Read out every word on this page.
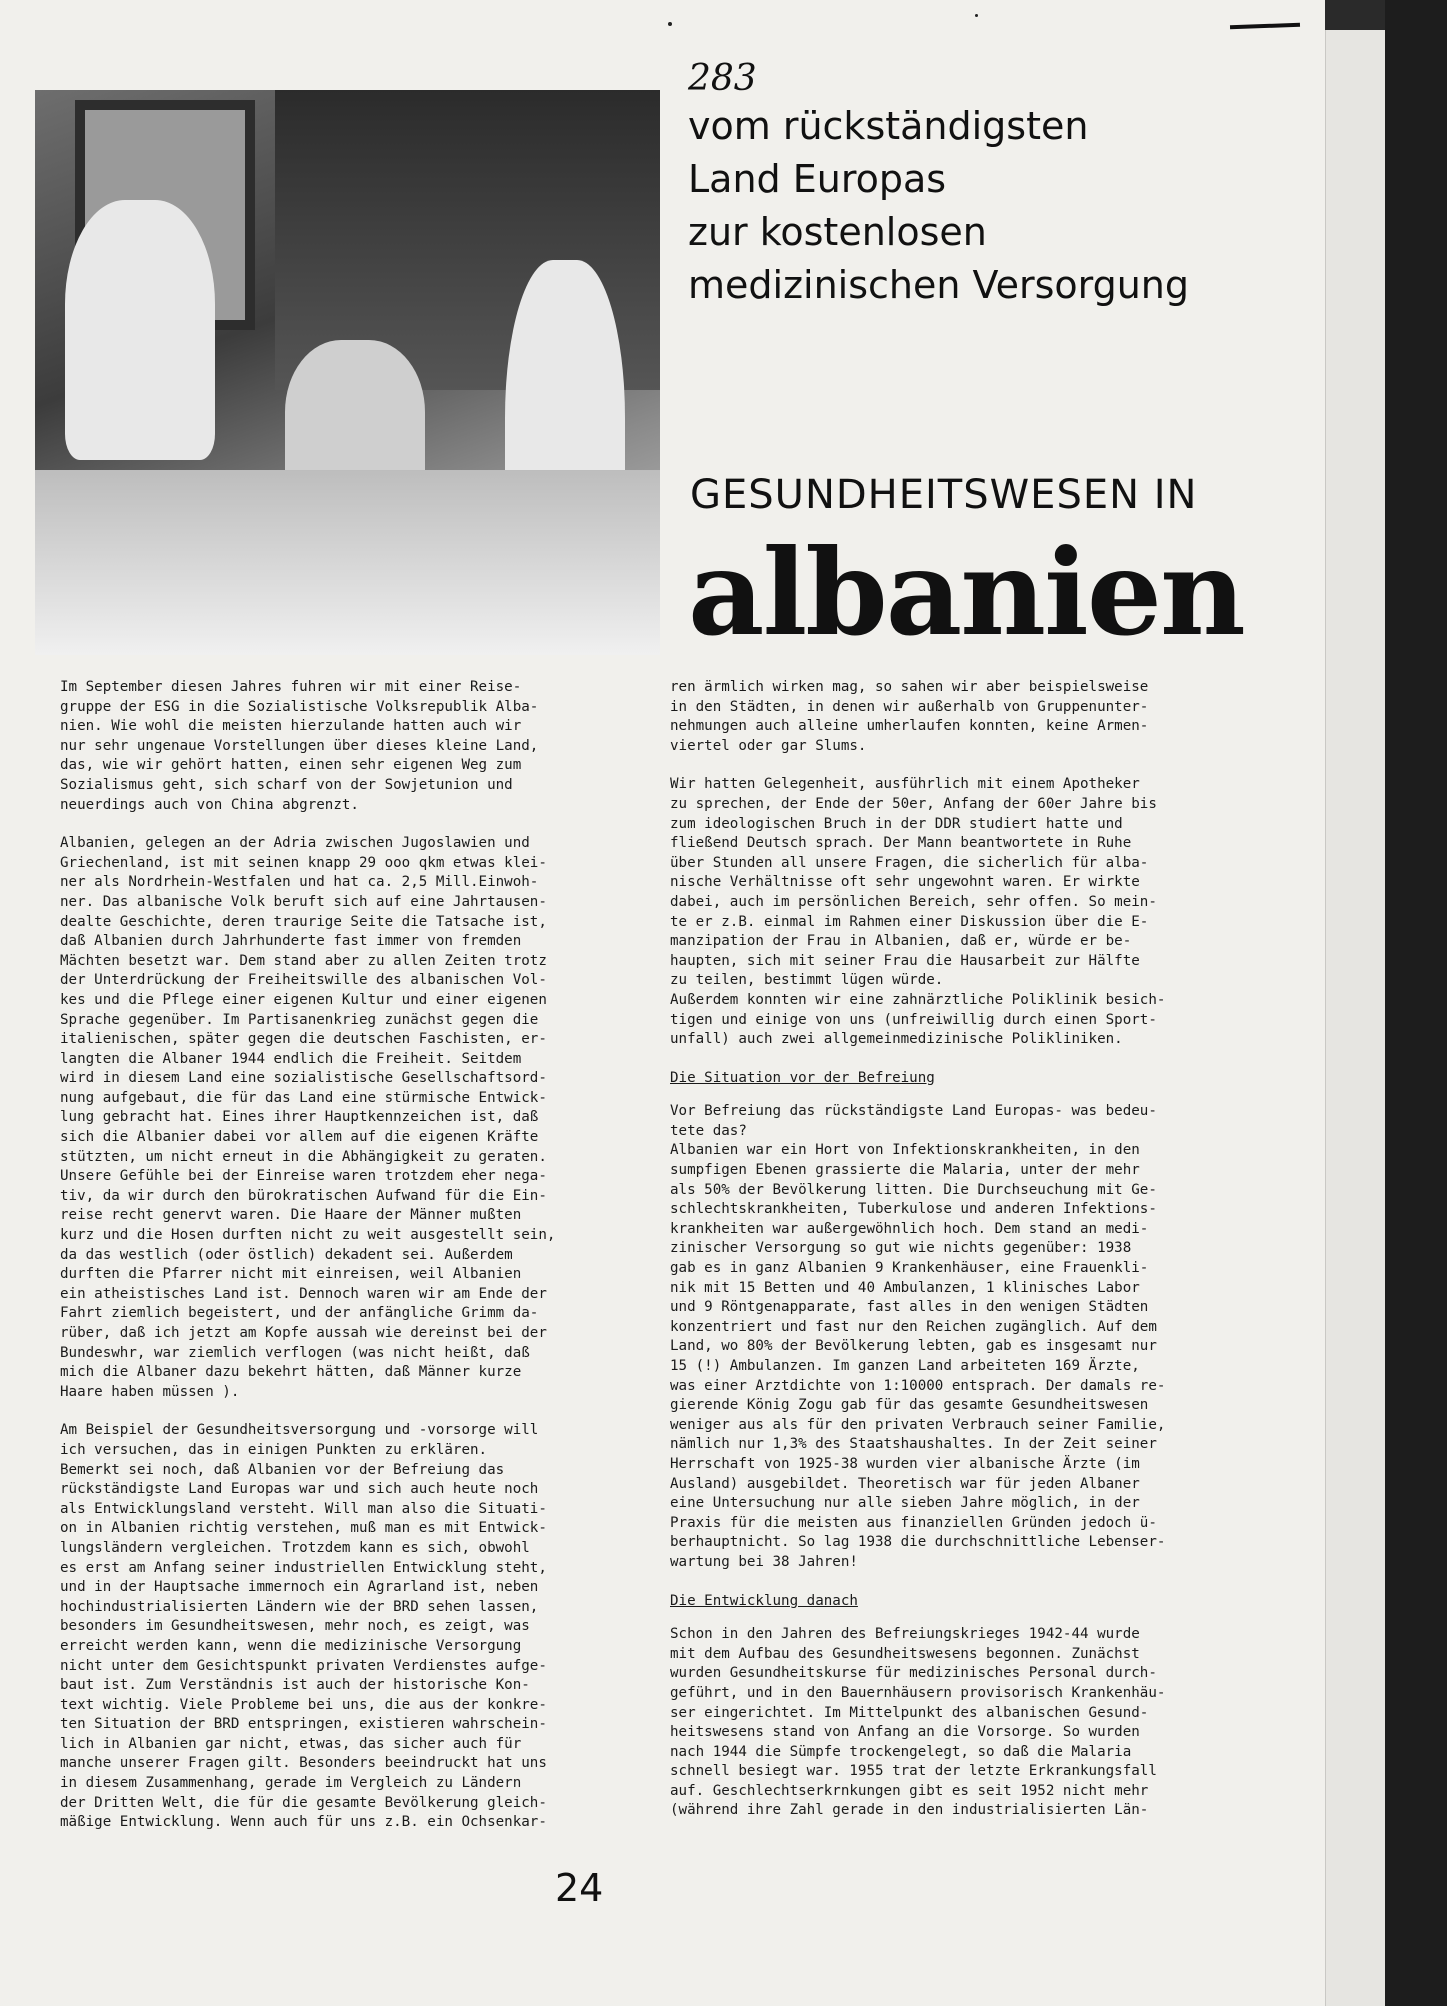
283
vom rückständigsten
Land Europas
zur kostenlosen
medizinischen Versorgung
GESUNDHEITSWESEN IN
albanien

Im September diesen Jahres fuhren wir mit einer Reise-
gruppe der ESG in die Sozialistische Volksrepublik Alba-
nien. Wie wohl die meisten hierzulande hatten auch wir
nur sehr ungenaue Vorstellungen über dieses kleine Land,
das, wie wir gehört hatten, einen sehr eigenen Weg zum
Sozialismus geht, sich scharf von der Sowjetunion und
neuerdings auch von China abgrenzt.

Albanien, gelegen an der Adria zwischen Jugoslawien und
Griechenland, ist mit seinen knapp 29 ooo qkm etwas klei-
ner als Nordrhein-Westfalen und hat ca. 2,5 Mill.Einwoh-
ner. Das albanische Volk beruft sich auf eine Jahrtausen-
dealte Geschichte, deren traurige Seite die Tatsache ist,
daß Albanien durch Jahrhunderte fast immer von fremden
Mächten besetzt war. Dem stand aber zu allen Zeiten trotz
der Unterdrückung der Freiheitswille des albanischen Vol-
kes und die Pflege einer eigenen Kultur und einer eigenen
Sprache gegenüber. Im Partisanenkrieg zunächst gegen die
italienischen, später gegen die deutschen Faschisten, er-
langten die Albaner 1944 endlich die Freiheit. Seitdem
wird in diesem Land eine sozialistische Gesellschaftsord-
nung aufgebaut, die für das Land eine stürmische Entwick-
lung gebracht hat. Eines ihrer Hauptkennzeichen ist, daß
sich die Albanier dabei vor allem auf die eigenen Kräfte
stützten, um nicht erneut in die Abhängigkeit zu geraten.
Unsere Gefühle bei der Einreise waren trotzdem eher nega-
tiv, da wir durch den bürokratischen Aufwand für die Ein-
reise recht genervt waren. Die Haare der Männer mußten
kurz und die Hosen durften nicht zu weit ausgestellt sein,
da das westlich (oder östlich) dekadent sei. Außerdem
durften die Pfarrer nicht mit einreisen, weil Albanien
ein atheistisches Land ist. Dennoch waren wir am Ende der
Fahrt ziemlich begeistert, und der anfängliche Grimm da-
rüber, daß ich jetzt am Kopfe aussah wie dereinst bei der
Bundeswhr, war ziemlich verflogen (was nicht heißt, daß
mich die Albaner dazu bekehrt hätten, daß Männer kurze
Haare haben müssen ).

Am Beispiel der Gesundheitsversorgung und -vorsorge will
ich versuchen, das in einigen Punkten zu erklären.
Bemerkt sei noch, daß Albanien vor der Befreiung das
rückständigste Land Europas war und sich auch heute noch
als Entwicklungsland versteht. Will man also die Situati-
on in Albanien richtig verstehen, muß man es mit Entwick-
lungsländern vergleichen. Trotzdem kann es sich, obwohl
es erst am Anfang seiner industriellen Entwicklung steht,
und in der Hauptsache immernoch ein Agrarland ist, neben
hochindustrialisierten Ländern wie der BRD sehen lassen,
besonders im Gesundheitswesen, mehr noch, es zeigt, was
erreicht werden kann, wenn die medizinische Versorgung
nicht unter dem Gesichtspunkt privaten Verdienstes aufge-
baut ist. Zum Verständnis ist auch der historische Kon-
text wichtig. Viele Probleme bei uns, die aus der konkre-
ten Situation der BRD entspringen, existieren wahrschein-
lich in Albanien gar nicht, etwas, das sicher auch für
manche unserer Fragen gilt. Besonders beeindruckt hat uns
in diesem Zusammenhang, gerade im Vergleich zu Ländern
der Dritten Welt, die für die gesamte Bevölkerung gleich-
mäßige Entwicklung. Wenn auch für uns z.B. ein Ochsenkar-

ren ärmlich wirken mag, so sahen wir aber beispielsweise
in den Städten, in denen wir außerhalb von Gruppenunter-
nehmungen auch alleine umherlaufen konnten, keine Armen-
viertel oder gar Slums.

Wir hatten Gelegenheit, ausführlich mit einem Apotheker
zu sprechen, der Ende der 50er, Anfang der 60er Jahre bis
zum ideologischen Bruch in der DDR studiert hatte und
fließend Deutsch sprach. Der Mann beantwortete in Ruhe
über Stunden all unsere Fragen, die sicherlich für alba-
nische Verhältnisse oft sehr ungewohnt waren. Er wirkte
dabei, auch im persönlichen Bereich, sehr offen. So mein-
te er z.B. einmal im Rahmen einer Diskussion über die E-
manzipation der Frau in Albanien, daß er, würde er be-
haupten, sich mit seiner Frau die Hausarbeit zur Hälfte
zu teilen, bestimmt lügen würde.
Außerdem konnten wir eine zahnärztliche Poliklinik besich-
tigen und einige von uns (unfreiwillig durch einen Sport-
unfall) auch zwei allgemeinmedizinische Polikliniken.

Die Situation vor der Befreiung

Vor Befreiung das rückständigste Land Europas- was bedeu-
tete das?
Albanien war ein Hort von Infektionskrankheiten, in den
sumpfigen Ebenen grassierte die Malaria, unter der mehr
als 50% der Bevölkerung litten. Die Durchseuchung mit Ge-
schlechtskrankheiten, Tuberkulose und anderen Infektions-
krankheiten war außergewöhnlich hoch. Dem stand an medi-
zinischer Versorgung so gut wie nichts gegenüber: 1938
gab es in ganz Albanien 9 Krankenhäuser, eine Frauenkli-
nik mit 15 Betten und 40 Ambulanzen, 1 klinisches Labor
und 9 Röntgenapparate, fast alles in den wenigen Städten
konzentriert und fast nur den Reichen zugänglich. Auf dem
Land, wo 80% der Bevölkerung lebten, gab es insgesamt nur
15 (!) Ambulanzen. Im ganzen Land arbeiteten 169 Ärzte,
was einer Arztdichte von 1:10000 entsprach. Der damals re-
gierende König Zogu gab für das gesamte Gesundheitswesen
weniger aus als für den privaten Verbrauch seiner Familie,
nämlich nur 1,3% des Staatshaushaltes. In der Zeit seiner
Herrschaft von 1925-38 wurden vier albanische Ärzte (im
Ausland) ausgebildet. Theoretisch war für jeden Albaner
eine Untersuchung nur alle sieben Jahre möglich, in der
Praxis für die meisten aus finanziellen Gründen jedoch ü-
berhauptnicht. So lag 1938 die durchschnittliche Lebenser-
wartung bei 38 Jahren!

Die Entwicklung danach

Schon in den Jahren des Befreiungskrieges 1942-44 wurde
mit dem Aufbau des Gesundheitswesens begonnen. Zunächst
wurden Gesundheitskurse für medizinisches Personal durch-
geführt, und in den Bauernhäusern provisorisch Krankenhäu-
ser eingerichtet. Im Mittelpunkt des albanischen Gesund-
heitswesens stand von Anfang an die Vorsorge. So wurden
nach 1944 die Sümpfe trockengelegt, so daß die Malaria
schnell besiegt war. 1955 trat der letzte Erkrankungsfall
auf. Geschlechtserkrnkungen gibt es seit 1952 nicht mehr
(während ihre Zahl gerade in den industrialisierten Län-

24
